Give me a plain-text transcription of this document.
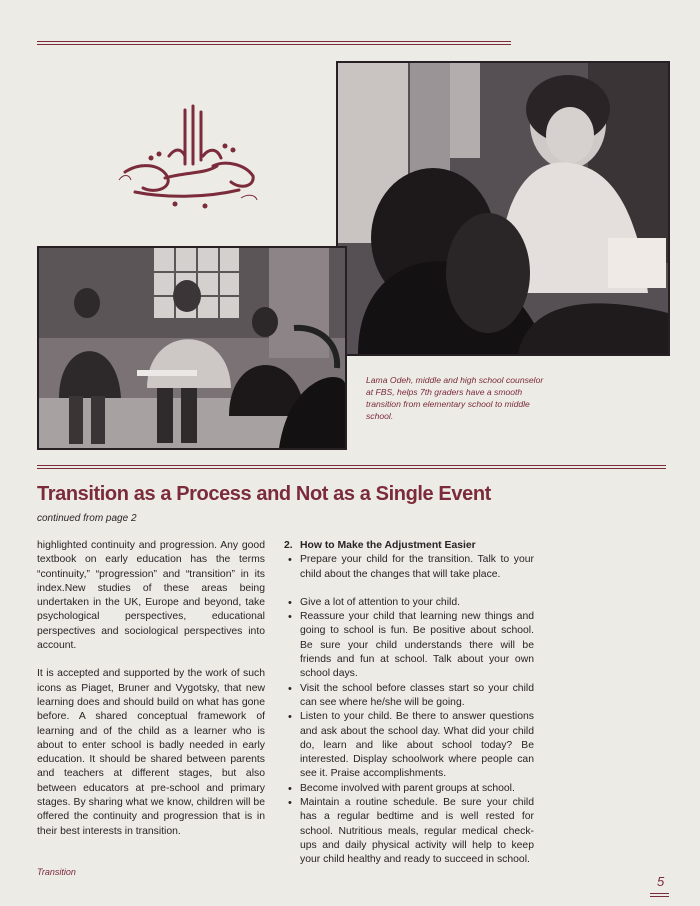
Lama Odeh, middle and high school counselor at FBS, helps 7th graders have a smooth transition from elementary school to middle school.
Transition as a Process and Not as a Single Event
continued from page 2

highlighted continuity and progression. Any good textbook on early education has the terms “continuity,” “progression” and “transition” in its index.New studies of these areas being undertaken in the UK, Europe and beyond, take psychological perspectives, educational perspectives and sociological perspectives into account.

It is accepted and supported by the work of such icons as Piaget, Bruner and Vygotsky, that new learning does and should build on what has gone before. A shared conceptual framework of learning and of the child as a learner who is about to enter school is badly needed in early education. It should be shared between parents and teachers at different stages, but also between educators at pre-school and primary stages. By sharing what we know, children will be offered the continuity and progression that is in their best interests in transition.

2. How to Make the Adjustment Easier
• Prepare your child for the transition. Talk to your child about the changes that will take place.
• Give a lot of attention to your child.
• Reassure your child that learning new things and going to school is fun. Be positive about school. Be sure your child understands there will be friends and fun at school. Talk about your own school days.
• Visit the school before classes start so your child can see where he/she will be going.
• Listen to your child. Be there to answer questions and ask about the school day. What did your child do, learn and like about school today? Be interested. Display schoolwork where people can see it. Praise accomplishments.
• Become involved with parent groups at school.
• Maintain a routine schedule. Be sure your child has a regular bedtime and is well rested for school. Nutritious meals, regular medical check-ups and daily physical activity will help to keep your child healthy and ready to succeed in school.
Transition
5
